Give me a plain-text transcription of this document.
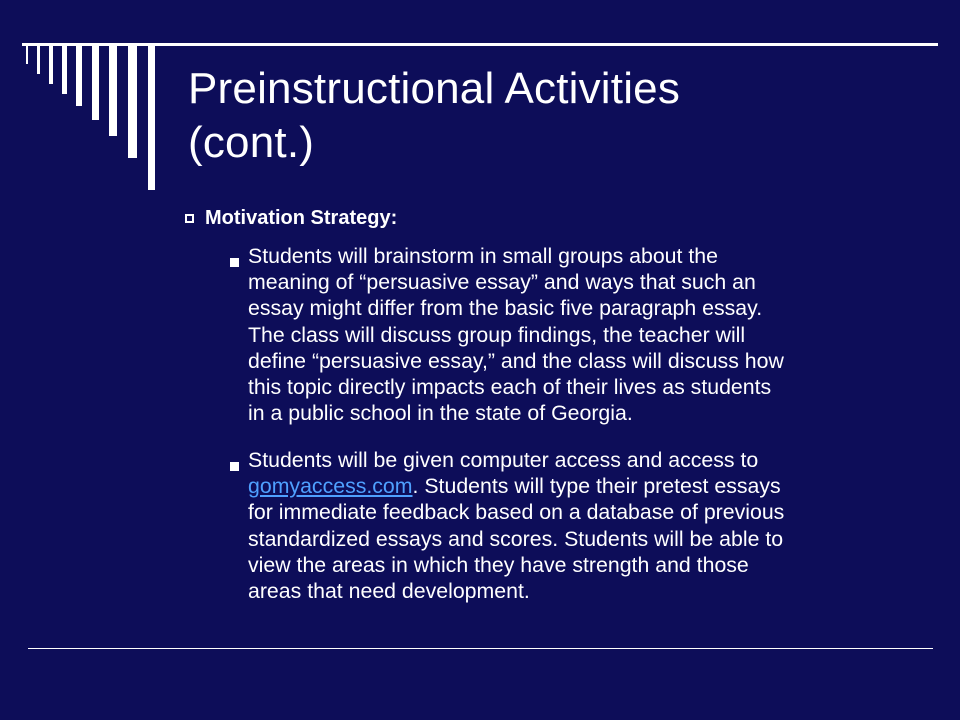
Preinstructional Activities
(cont.)
Motivation Strategy:
Students will brainstorm in small groups about the
meaning of “persuasive essay” and ways that such an
essay might differ from the basic five paragraph essay.
The class will discuss group findings, the teacher will
define “persuasive essay,” and the class will discuss how
this topic directly impacts each of their lives as students
in a public school in the state of Georgia.
Students will be given computer access and access to
gomyaccess.com. Students will type their pretest essays
for immediate feedback based on a database of previous
standardized essays and scores. Students will be able to
view the areas in which they have strength and those
areas that need development.
